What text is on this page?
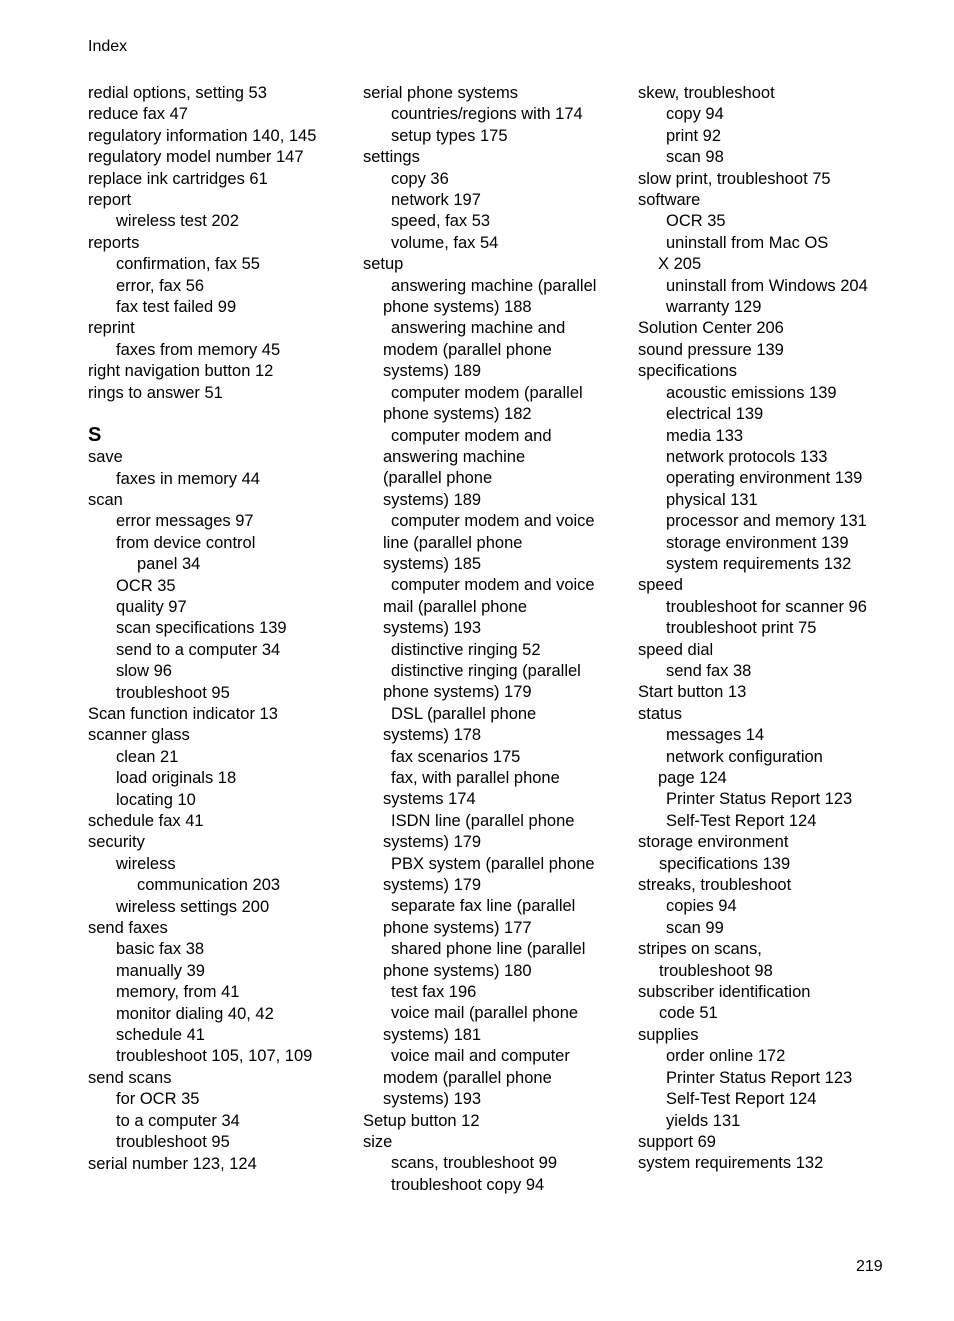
Index
redial options, setting 53
reduce fax 47
regulatory information 140, 145
regulatory model number 147
replace ink cartridges 61
report
wireless test 202
reports
confirmation, fax 55
error, fax 56
fax test failed 99
reprint
faxes from memory 45
right navigation button 12
rings to answer 51
S
save
faxes in memory 44
scan
error messages 97
from device control
panel 34
OCR 35
quality 97
scan specifications 139
send to a computer 34
slow 96
troubleshoot 95
Scan function indicator 13
scanner glass
clean 21
load originals 18
locating 10
schedule fax 41
security
wireless
communication 203
wireless settings 200
send faxes
basic fax 38
manually 39
memory, from 41
monitor dialing 40, 42
schedule 41
troubleshoot 105, 107, 109
send scans
for OCR 35
to a computer 34
troubleshoot 95
serial number 123, 124
serial phone systems
countries/regions with 174
setup types 175
settings
copy 36
network 197
speed, fax 53
volume, fax 54
setup
answering machine (parallel
phone systems) 188
answering machine and
modem (parallel phone
systems) 189
computer modem (parallel
phone systems) 182
computer modem and
answering machine
(parallel phone
systems) 189
computer modem and voice
line (parallel phone
systems) 185
computer modem and voice
mail (parallel phone
systems) 193
distinctive ringing 52
distinctive ringing (parallel
phone systems) 179
DSL (parallel phone
systems) 178
fax scenarios 175
fax, with parallel phone
systems 174
ISDN line (parallel phone
systems) 179
PBX system (parallel phone
systems) 179
separate fax line (parallel
phone systems) 177
shared phone line (parallel
phone systems) 180
test fax 196
voice mail (parallel phone
systems) 181
voice mail and computer
modem (parallel phone
systems) 193
Setup button 12
size
scans, troubleshoot 99
troubleshoot copy 94
skew, troubleshoot
copy 94
print 92
scan 98
slow print, troubleshoot 75
software
OCR 35
uninstall from Mac OS
X 205
uninstall from Windows 204
warranty 129
Solution Center 206
sound pressure 139
specifications
acoustic emissions 139
electrical 139
media 133
network protocols 133
operating environment 139
physical 131
processor and memory 131
storage environment 139
system requirements 132
speed
troubleshoot for scanner 96
troubleshoot print 75
speed dial
send fax 38
Start button 13
status
messages 14
network configuration
page 124
Printer Status Report 123
Self-Test Report 124
storage environment
specifications 139
streaks, troubleshoot
copies 94
scan 99
stripes on scans,
troubleshoot 98
subscriber identification
code 51
supplies
order online 172
Printer Status Report 123
Self-Test Report 124
yields 131
support 69
system requirements 132
219
